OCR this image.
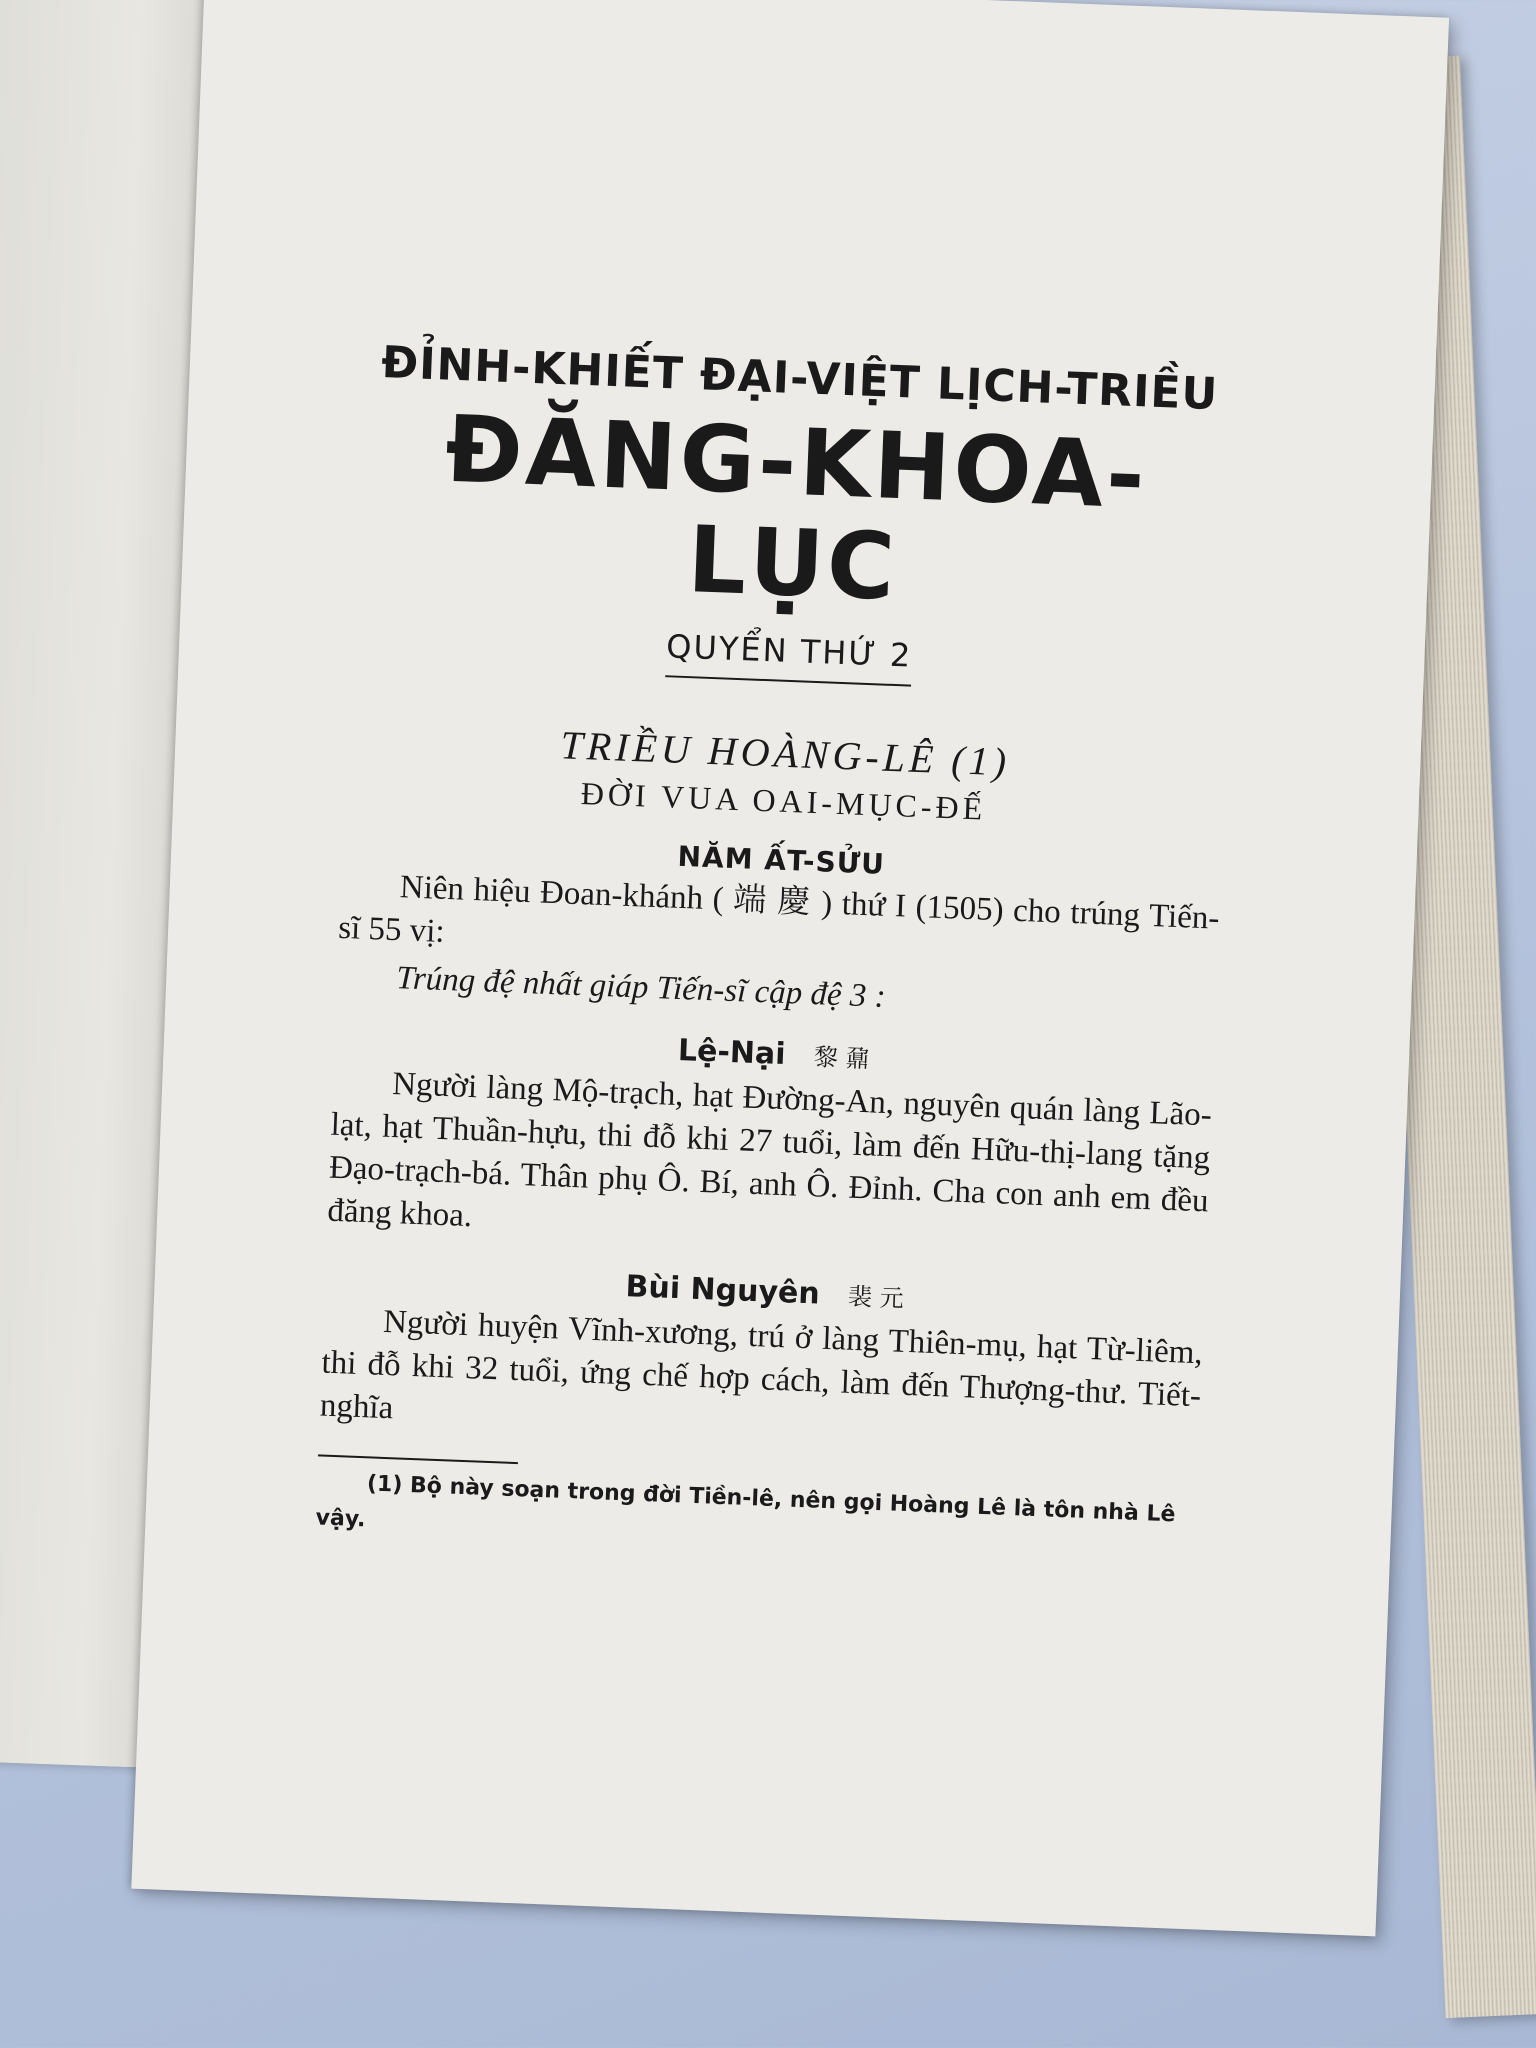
ĐỈNH-KHIẾT ĐẠI-VIỆT LỊCH-TRIỀU

ĐĂNG-KHOA-LỤC

QUYỂN THỨ 2

TRIỀU HOÀNG-LÊ (1)

ĐỜI VUA OAI-MỤC-ĐẾ

NĂM ẤT-SỬU

Niên hiệu Đoan-khánh ( 端 慶 ) thứ I (1505) cho trúng Tiến-sĩ 55 vị:

Trúng đệ nhất giáp Tiến-sĩ cập đệ 3 :

Lệ-Nại 黎 鼐

Người làng Mộ-trạch, hạt Đường-An, nguyên quán làng Lão-lạt, hạt Thuần-hựu, thi đỗ khi 27 tuổi, làm đến Hữu-thị-lang tặng Đạo-trạch-bá. Thân phụ Ô. Bí, anh Ô. Đỉnh. Cha con anh em đều đăng khoa.

Bùi Nguyên 裴 元

Người huyện Vĩnh-xương, trú ở làng Thiên-mụ, hạt Từ-liêm, thi đỗ khi 32 tuổi, ứng chế hợp cách, làm đến Thượng-thư. Tiết-nghĩa

(1) Bộ này soạn trong đời Tiền-lê, nên gọi Hoàng Lê là tôn nhà Lê vậy.
